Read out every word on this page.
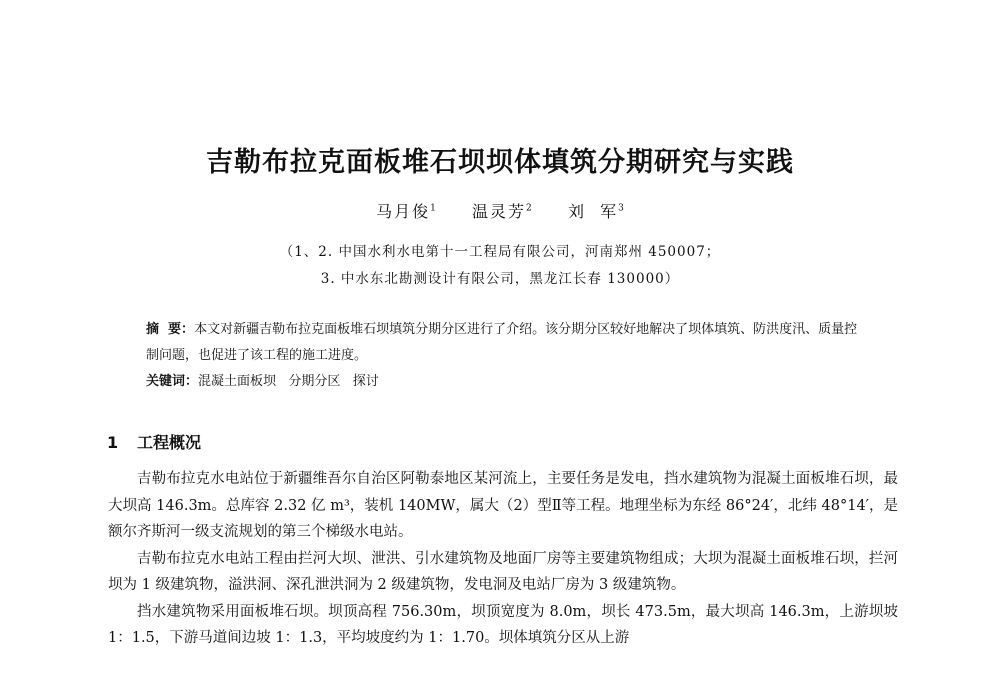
吉勒布拉克面板堆石坝坝体填筑分期研究与实践
马月俊$^1$ 温灵芳$^2$ 刘  军$^3$
（1、2. 中国水利水电第十一工程局有限公司，河南郑州 450007；
3. 中水东北勘测设计有限公司，黑龙江长春 130000）
摘  要：本文对新疆吉勒布拉克面板堆石坝填筑分期分区进行了介绍。该分期分区较好地解决了坝体填筑、防洪度汛、质量控制问题，也促进了该工程的施工进度。
关键词：混凝土面板坝   分期分区   探讨
1 工程概况

吉勒布拉克水电站位于新疆维吾尔自治区阿勒泰地区某河流上，主要任务是发电，挡水建筑物为混凝土面板堆石坝，最大坝高 146.3m。总库容 2.32 亿 m³，装机 140MW，属大（2）型Ⅱ等工程。地理坐标为东经 86°24′，北纬 48°14′，是额尔齐斯河一级支流规划的第三个梯级水电站。

吉勒布拉克水电站工程由拦河大坝、泄洪、引水建筑物及地面厂房等主要建筑物组成；大坝为混凝土面板堆石坝，拦河坝为 1 级建筑物，溢洪洞、深孔泄洪洞为 2 级建筑物，发电洞及电站厂房为 3 级建筑物。

挡水建筑物采用面板堆石坝。坝顶高程 756.30m，坝顶宽度为 8.0m，坝长 473.5m，最大坝高 146.3m，上游坝坡 1：1.5，下游马道间边坡 1：1.3，平均坡度约为 1：1.70。坝体填筑分区从上游
